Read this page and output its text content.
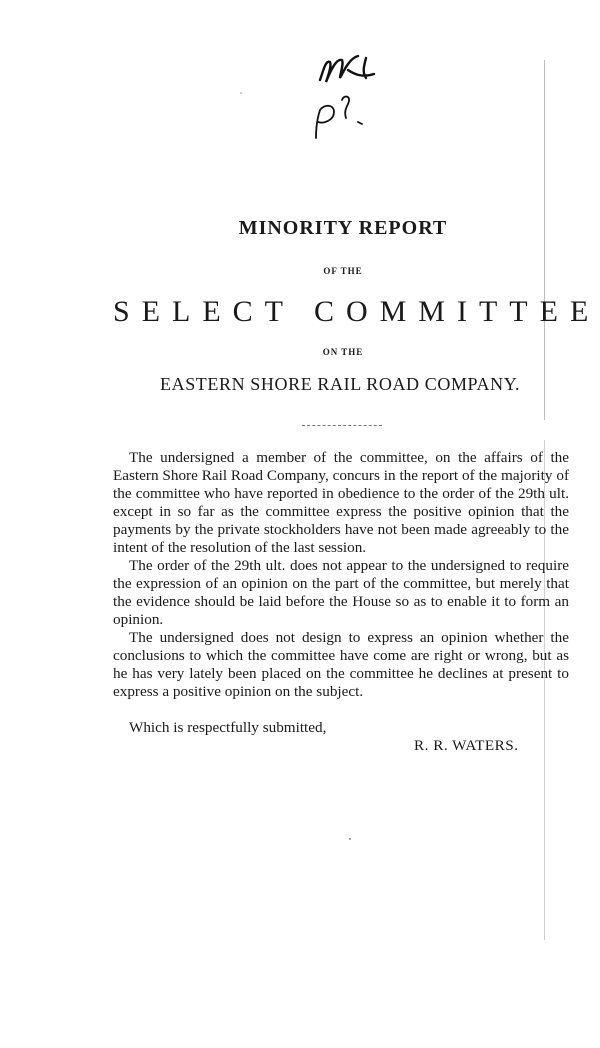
MINORITY REPORT
OF THE
SELECT COMMITTEE
ON THE
EASTERN SHORE RAIL ROAD COMPANY.

The undersigned a member of the committee, on the affairs of the Eastern Shore Rail Road Company, concurs in the report of the majority of the committee who have reported in obedience to the order of the 29th ult. except in so far as the committee express the positive opinion that the payments by the private stockholders have not been made agreeably to the intent of the resolution of the last session.

The order of the 29th ult. does not appear to the undersigned to require the expression of an opinion on the part of the committee, but merely that the evidence should be laid before the House so as to enable it to form an opinion.

The undersigned does not design to express an opinion whether the conclusions to which the committee have come are right or wrong, but as he has very lately been placed on the committee he declines at present to express a positive opinion on the subject.

Which is respectfully submitted,
R. R. WATERS.
